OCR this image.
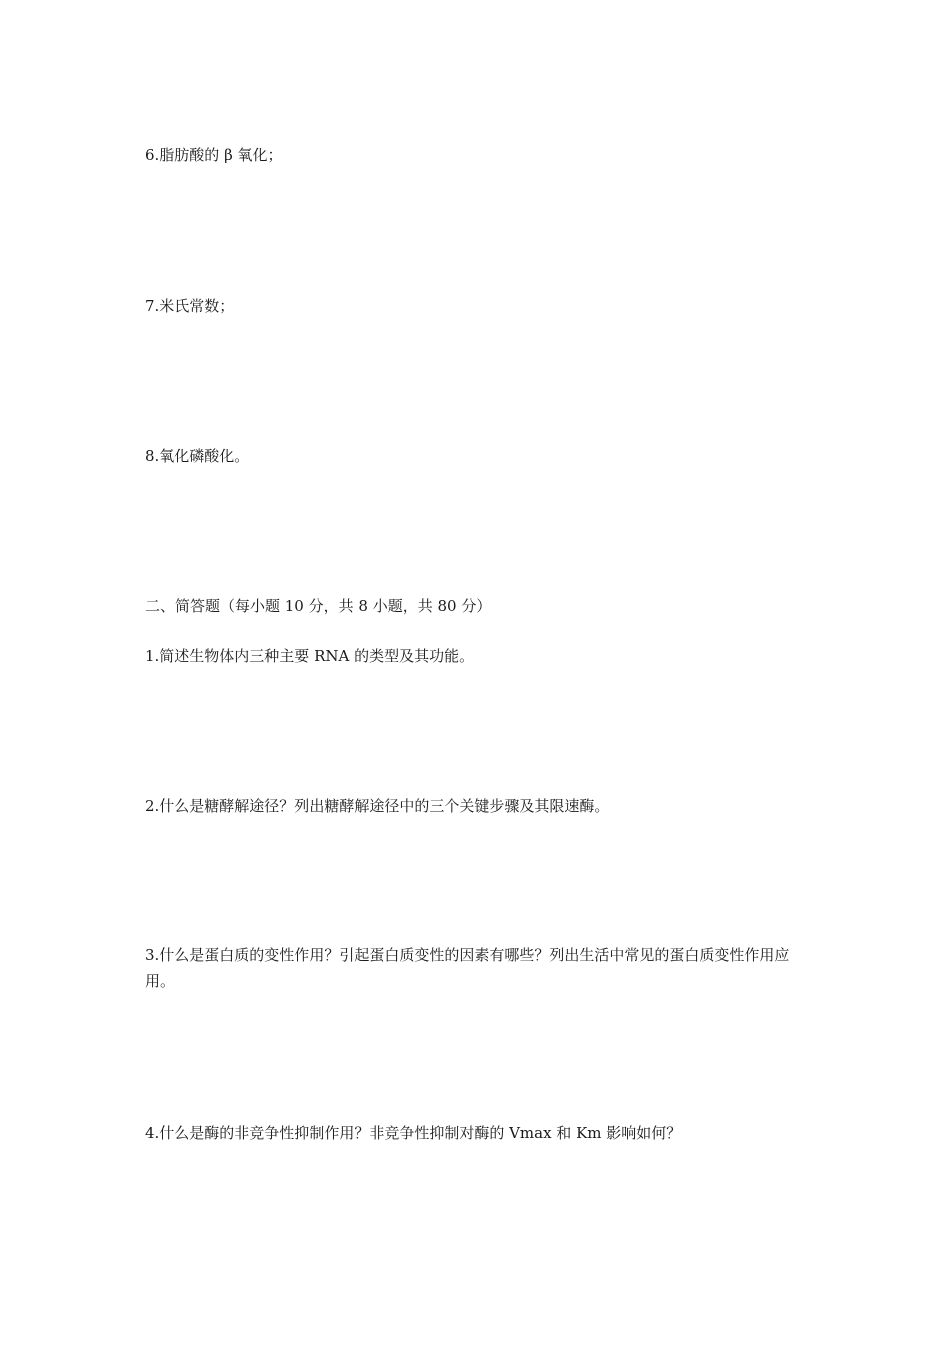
6.脂肪酸的 β 氧化；
7.米氏常数；
8.氧化磷酸化。
二、简答题（每小题 10 分，共 8 小题，共 80 分）
1.简述生物体内三种主要 RNA 的类型及其功能。
2.什么是糖酵解途径？列出糖酵解途径中的三个关键步骤及其限速酶。
3.什么是蛋白质的变性作用？引起蛋白质变性的因素有哪些？列出生活中常见的蛋白质变性作用应用。
4.什么是酶的非竞争性抑制作用？非竞争性抑制对酶的 Vmax 和 Km 影响如何？
